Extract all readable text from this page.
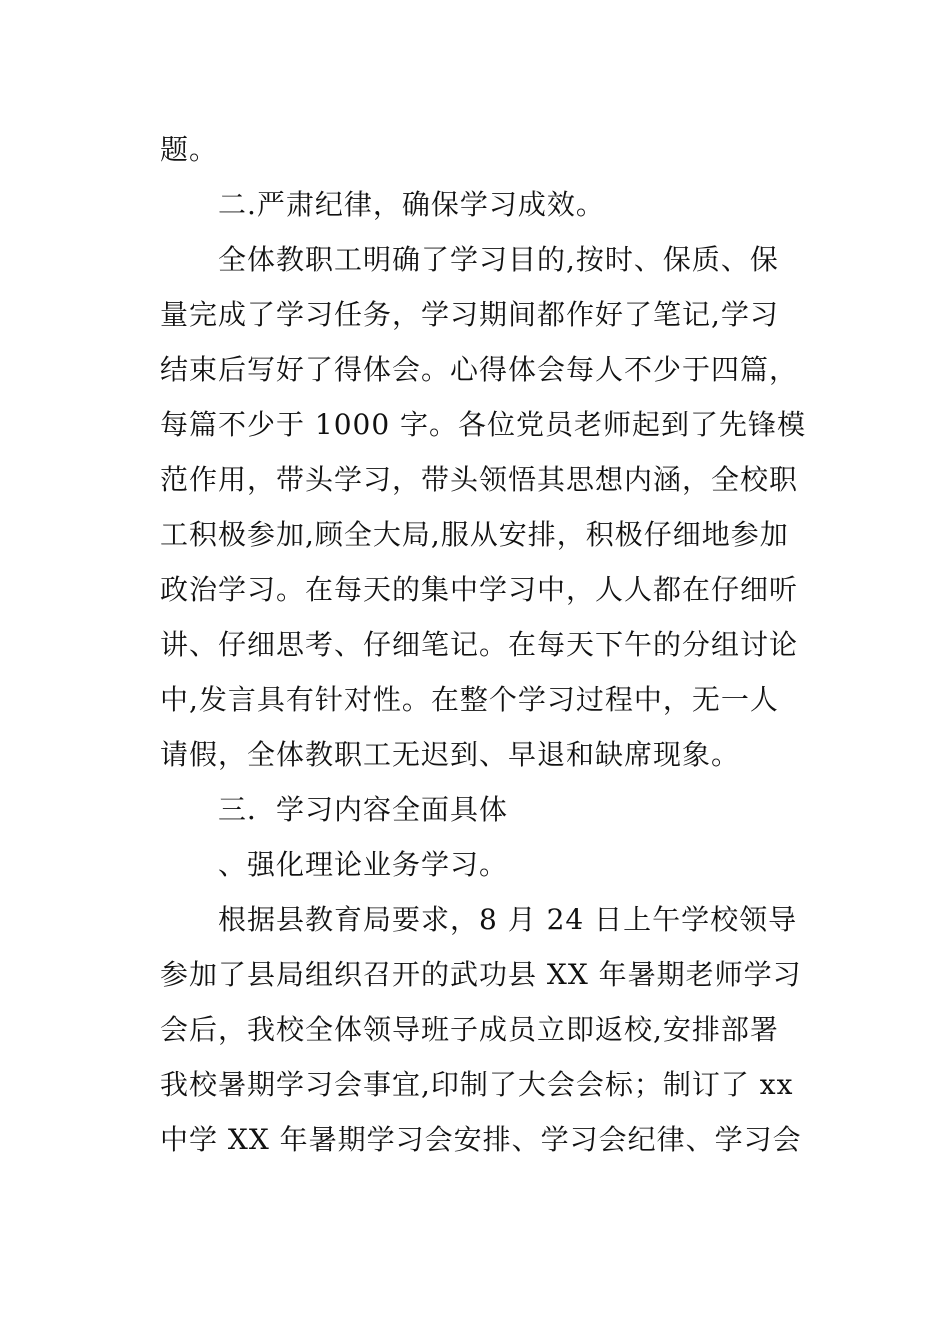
题。
二.严肃纪律，确保学习成效。
全体教职工明确了学习目的,按时、保质、保
量完成了学习任务，学习期间都作好了笔记,学习
结束后写好了得体会。心得体会每人不少于四篇，
每篇不少于 1000 字。各位党员老师起到了先锋模
范作用，带头学习，带头领悟其思想内涵，全校职
工积极参加,顾全大局,服从安排，积极仔细地参加
政治学习。在每天的集中学习中，人人都在仔细听
讲、仔细思考、仔细笔记。在每天下午的分组讨论
中,发言具有针对性。在整个学习过程中，无一人
请假，全体教职工无迟到、早退和缺席现象。
三．学习内容全面具体
、强化理论业务学习。
根据县教育局要求，8 月 24 日上午学校领导
参加了县局组织召开的武功县 XX 年暑期老师学习
会后，我校全体领导班子成员立即返校,安排部署
我校暑期学习会事宜,印制了大会会标；制订了 xx
中学 XX 年暑期学习会安排、学习会纪律、学习会
